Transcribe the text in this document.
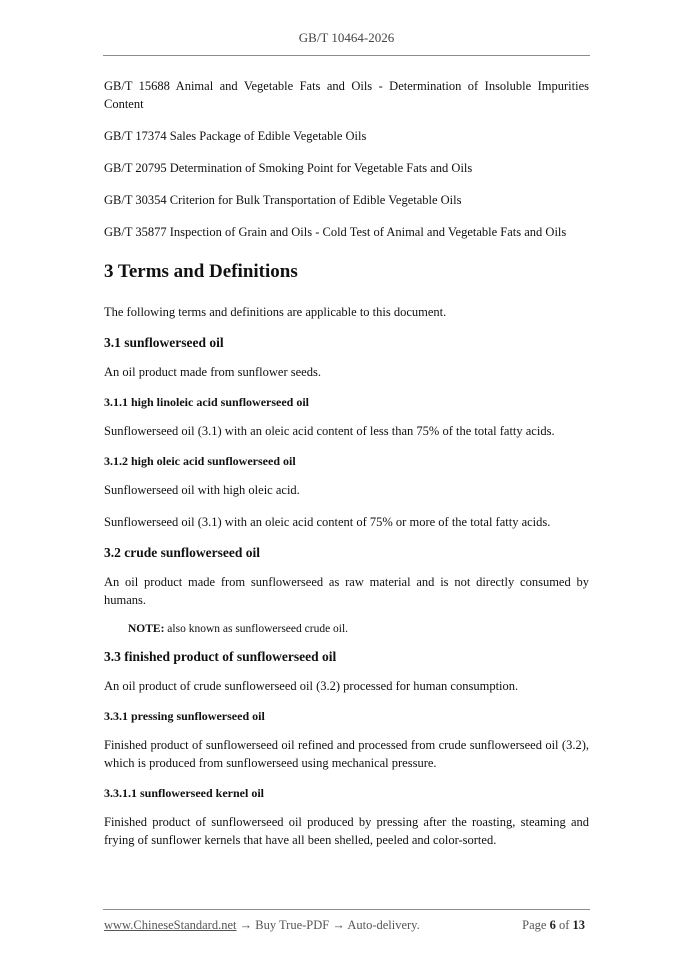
GB/T 10464-2026
GB/T 15688 Animal and Vegetable Fats and Oils - Determination of Insoluble Impurities Content
GB/T 17374 Sales Package of Edible Vegetable Oils
GB/T 20795 Determination of Smoking Point for Vegetable Fats and Oils
GB/T 30354 Criterion for Bulk Transportation of Edible Vegetable Oils
GB/T 35877 Inspection of Grain and Oils - Cold Test of Animal and Vegetable Fats and Oils
3 Terms and Definitions
The following terms and definitions are applicable to this document.
3.1 sunflowerseed oil
An oil product made from sunflower seeds.
3.1.1 high linoleic acid sunflowerseed oil
Sunflowerseed oil (3.1) with an oleic acid content of less than 75% of the total fatty acids.
3.1.2 high oleic acid sunflowerseed oil
Sunflowerseed oil with high oleic acid.
Sunflowerseed oil (3.1) with an oleic acid content of 75% or more of the total fatty acids.
3.2 crude sunflowerseed oil
An oil product made from sunflowerseed as raw material and is not directly consumed by humans.
NOTE: also known as sunflowerseed crude oil.
3.3 finished product of sunflowerseed oil
An oil product of crude sunflowerseed oil (3.2) processed for human consumption.
3.3.1 pressing sunflowerseed oil
Finished product of sunflowerseed oil refined and processed from crude sunflowerseed oil (3.2), which is produced from sunflowerseed using mechanical pressure.
3.3.1.1 sunflowerseed kernel oil
Finished product of sunflowerseed oil produced by pressing after the roasting, steaming and frying of sunflower kernels that have all been shelled, peeled and color-sorted.
www.ChineseStandard.net → Buy True-PDF → Auto-delivery.	Page 6 of 13
